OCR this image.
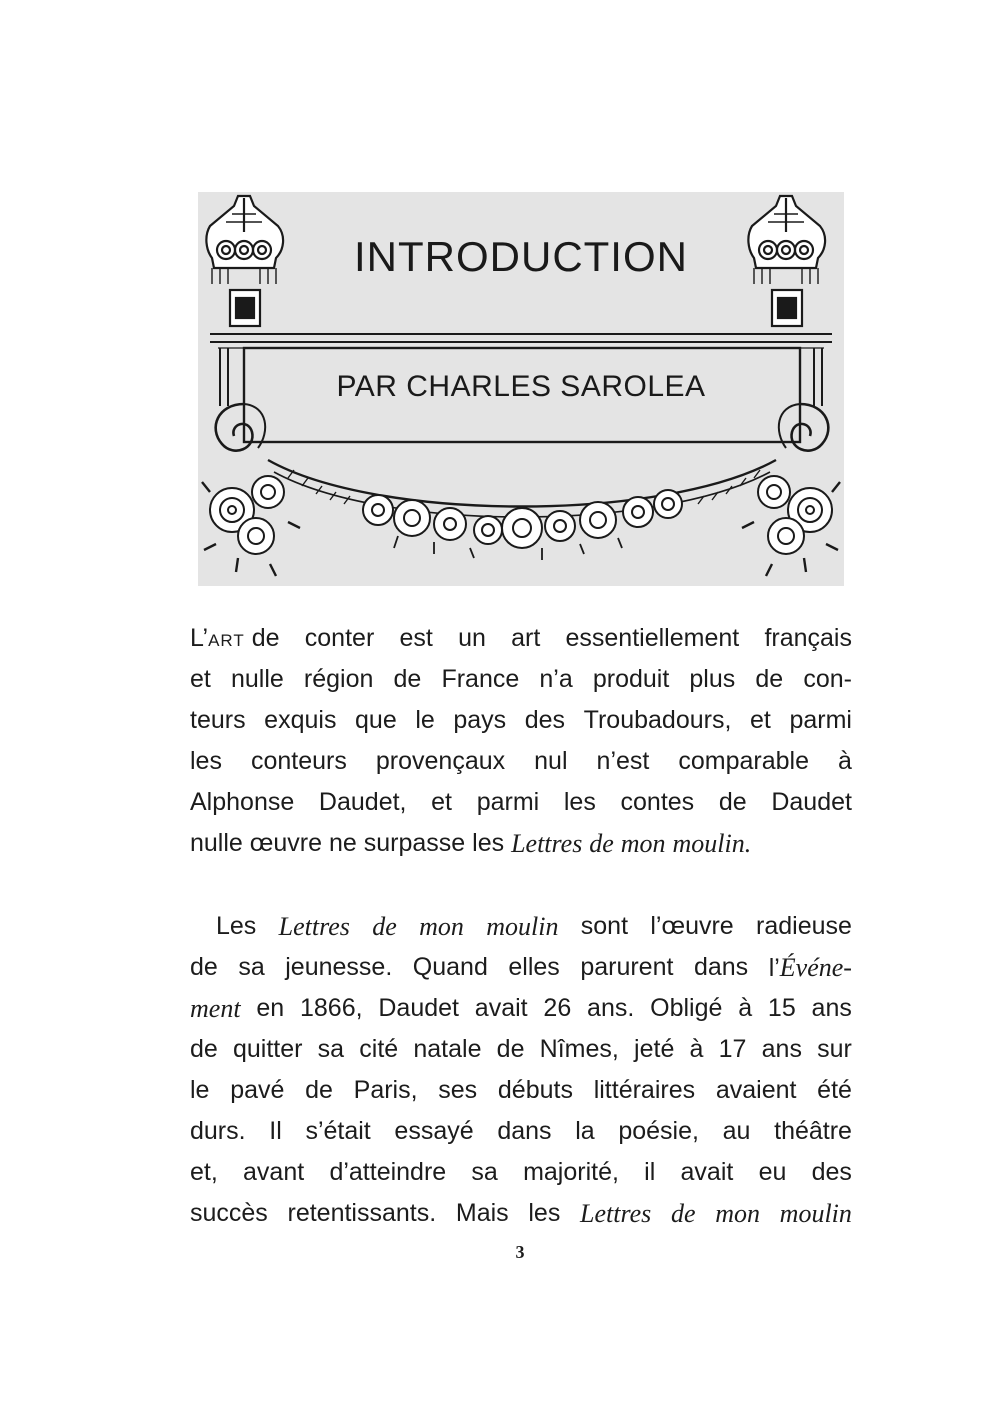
INTRODUCTION
PAR CHARLES SAROLEA
L’ART de conter est un art essentiellement français
et nulle région de France n’a produit plus de con-
teurs exquis que le pays des Troubadours, et parmi
les conteurs provençaux nul n’est comparable à
Alphonse Daudet, et parmi les contes de Daudet
nulle
œuvre
ne
surpasse
les
Lettres
de
mon
moulin.
Les Lettres de mon moulin sont l’œuvre radieuse
de sa jeunesse. Quand elles parurent dans l’Événe-
ment en 1866, Daudet avait 26 ans. Obligé à 15 ans
de quitter sa cité natale de Nîmes, jeté à 17 ans sur
le pavé de Paris, ses débuts littéraires avaient été
durs. Il s’était essayé dans la poésie, au théâtre
et, avant d’atteindre sa majorité, il avait eu des
succès retentissants. Mais les Lettres de mon moulin
3
